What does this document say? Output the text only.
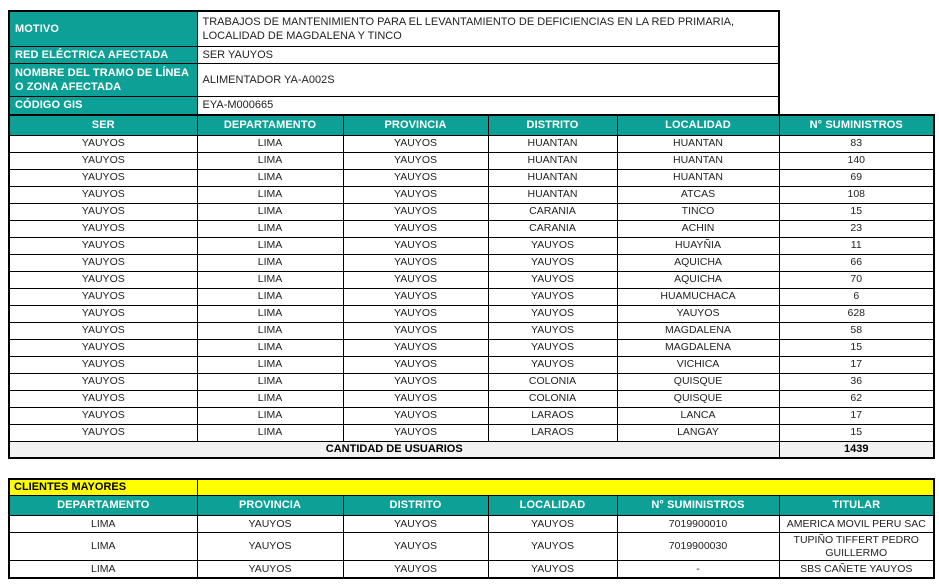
MOTIVO	TRABAJOS DE MANTENIMIENTO PARA EL LEVANTAMIENTO DE DEFICIENCIAS EN LA RED PRIMARIA, LOCALIDAD DE MAGDALENA Y TINCO
RED ELÉCTRICA AFECTADA	SER YAUYOS
NOMBRE DEL TRAMO DE LÍNEA O ZONA AFECTADA	ALIMENTADOR YA-A002S
CÓDIGO GIS	EYA-M000665
SER	DEPARTAMENTO	PROVINCIA	DISTRITO	LOCALIDAD	N° SUMINISTROS
YAUYOS	LIMA	YAUYOS	HUANTAN	HUANTAN	83
YAUYOS	LIMA	YAUYOS	HUANTAN	HUANTAN	140
YAUYOS	LIMA	YAUYOS	HUANTAN	HUANTAN	69
YAUYOS	LIMA	YAUYOS	HUANTAN	ATCAS	108
YAUYOS	LIMA	YAUYOS	CARANIA	TINCO	15
YAUYOS	LIMA	YAUYOS	CARANIA	ACHIN	23
YAUYOS	LIMA	YAUYOS	YAUYOS	HUAYÑIA	11
YAUYOS	LIMA	YAUYOS	YAUYOS	AQUICHA	66
YAUYOS	LIMA	YAUYOS	YAUYOS	AQUICHA	70
YAUYOS	LIMA	YAUYOS	YAUYOS	HUAMUCHACA	6
YAUYOS	LIMA	YAUYOS	YAUYOS	YAUYOS	628
YAUYOS	LIMA	YAUYOS	YAUYOS	MAGDALENA	58
YAUYOS	LIMA	YAUYOS	YAUYOS	MAGDALENA	15
YAUYOS	LIMA	YAUYOS	YAUYOS	VICHICA	17
YAUYOS	LIMA	YAUYOS	COLONIA	QUISQUE	36
YAUYOS	LIMA	YAUYOS	COLONIA	QUISQUE	62
YAUYOS	LIMA	YAUYOS	LARAOS	LANCA	17
YAUYOS	LIMA	YAUYOS	LARAOS	LANGAY	15
CANTIDAD DE USUARIOS					1439
CLIENTES MAYORES					
DEPARTAMENTO	PROVINCIA	DISTRITO	LOCALIDAD	N° SUMINISTROS	TITULAR
LIMA	YAUYOS	YAUYOS	YAUYOS	7019900010	AMERICA MOVIL PERU SAC
LIMA	YAUYOS	YAUYOS	YAUYOS	7019900030	TUPIÑO TIFFERT PEDRO GUILLERMO
LIMA	YAUYOS	YAUYOS	YAUYOS	-	SBS CAÑETE YAUYOS
